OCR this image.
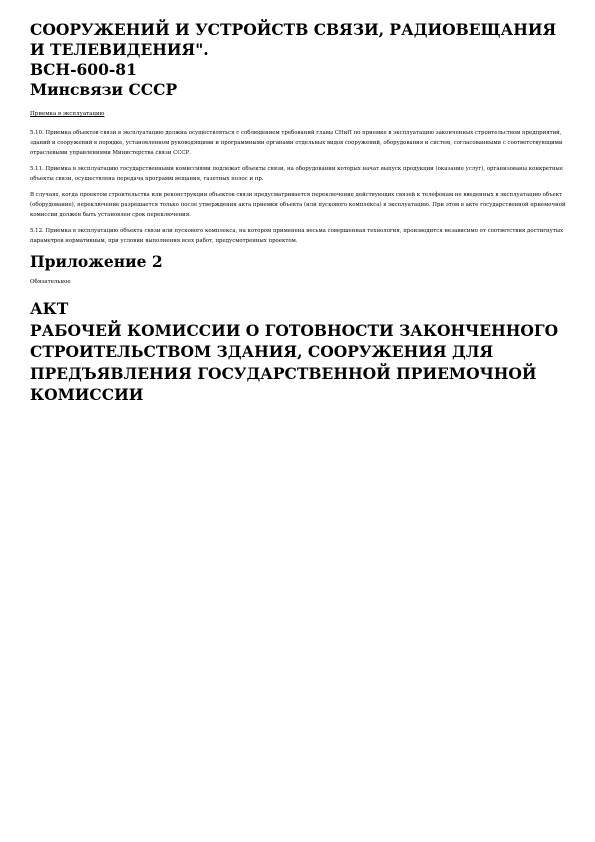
СООРУЖЕНИЙ И УСТРОЙСТВ СВЯЗИ, РАДИОВЕЩАНИЯ И ТЕЛЕВИДЕНИЯ".
ВСН-600-81
Минсвязи СССР
Приемка в эксплуатацию

5.10. Приемка объектов связи в эксплуатацию должна осуществляться с соблюдением требований главы СНиП по приемке в эксплуатацию законченных строительством предприятий, зданий и сооружений в порядке, установленном руководящими и программными органами отдельных видов сооружений, оборудования и систем, согласованными с соответствующими отраслевыми управлениями Министерства связи СССР.

5.11. Приемка в эксплуатацию государственными комиссиями подлежат объекты связи, на оборудовании которых начат выпуск продукции (оказание услуг), организованы конкретные объекты связи, осуществлена передача программ вещания, газетных полос и пр.

В случаях, когда проектом строительства или реконструкции объектов связи предусматривается переключение действующих связей к телефонам не введенных в эксплуатацию объект (оборудование), переключение разрешается только после утверждения акта приемки объекта (или пускового комплекса) в эксплуатацию. При этом в акте государственной приемочной комиссии должен быть установлен срок переключения.

5.12. Приемка в эксплуатацию объекта связи или пускового комплекса, на котором применена весьма совершенная технология, производится независимо от соответствия достигнутых параметров нормативным, при условии выполнения всех работ, предусмотренных проектом.

Приложение 2
Обязательное
АКТ
РАБОЧЕЙ КОМИССИИ О ГОТОВНОСТИ ЗАКОНЧЕННОГО СТРОИТЕЛЬСТВОМ ЗДАНИЯ, СООРУЖЕНИЯ ДЛЯ ПРЕДЪЯВЛЕНИЯ ГОСУДАРСТВЕННОЙ ПРИЕМОЧНОЙ КОМИССИИ
